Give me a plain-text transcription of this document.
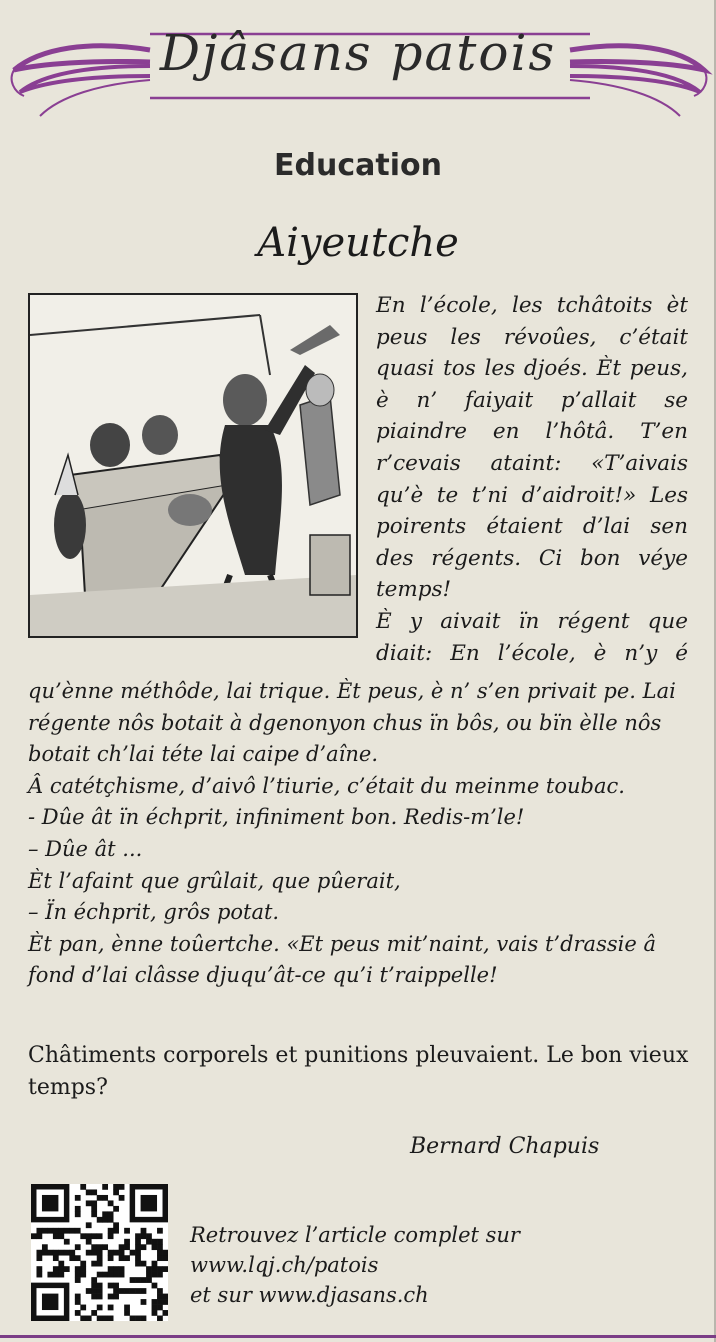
Djâsans patois
Education
Aiyeutche

En l’école, les tchâtoits èt peus les révoûes, c’était quasi tos les djoés. Èt peus, è n’ faiyait p’allait se piaindre en l’hôtâ. T’en r’cevais ataint: «T’aivais qu’è te t’ni d’aidroit!» Les poirents étaient d’lai sen des régents. Ci bon véye temps!

È y aivait ïn régent que diait: En l’école, è n’y é

qu’ènne méthôde, lai trique. Èt peus, è n’ s’en privait pe. Lai régente nôs botait à dgenonyon chus ïn bôs, ou bïn èlle nôs botait ch’lai téte lai caipe d’aîne.

Â catétçhisme, d’aivô l’tiurie, c’était du meinme toubac.

- Dûe ât ïn échprit, infiniment bon. Redis-m’le!

– Dûe ât ...

Èt l’afaint que grûlait, que pûerait,

– Ïn échprit, grôs potat.

Èt pan, ènne toûertche. «Et peus mit’naint, vais t’drassie â fond d’lai clâsse djuqu’ât-ce qu’i t’raippelle!

Châtiments corporels et punitions pleuvaient. Le bon vieux temps?
Bernard Chapuis
Retrouvez l’article complet sur
www.lqj.ch/patois
et sur www.djasans.ch
